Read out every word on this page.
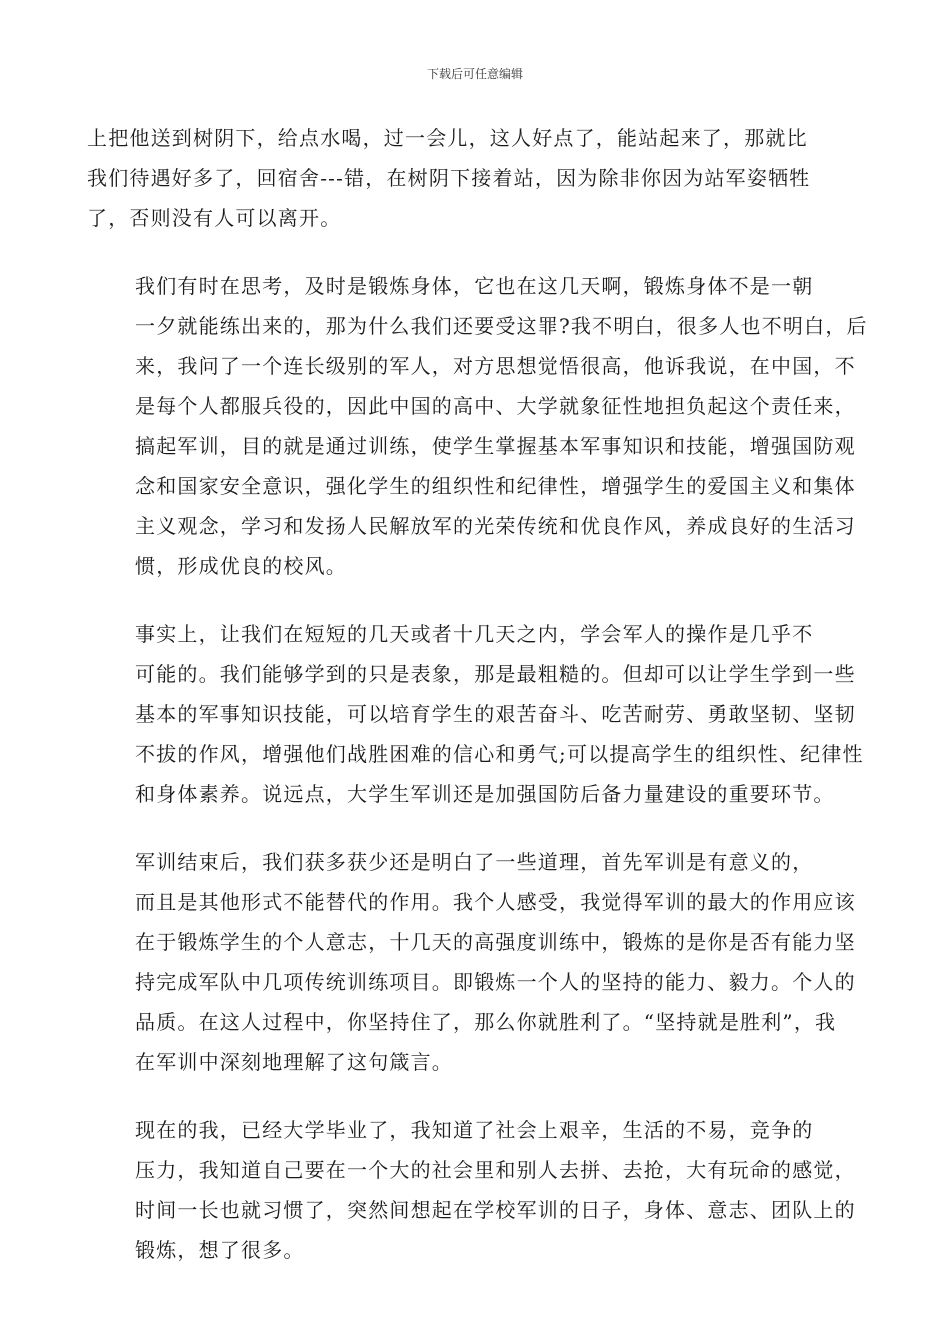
下载后可任意编辑

上把他送到树阴下，给点水喝，过一会儿，这人好点了，能站起来了，那就比
我们待遇好多了，回宿舍---错，在树阴下接着站，因为除非你因为站军姿牺牲
了，否则没有人可以离开。

我们有时在思考，及时是锻炼身体，它也在这几天啊，锻炼身体不是一朝
一夕就能练出来的，那为什么我们还要受这罪?我不明白，很多人也不明白，后
来，我问了一个连长级别的军人，对方思想觉悟很高，他诉我说，在中国，不
是每个人都服兵役的，因此中国的高中、大学就象征性地担负起这个责任来，
搞起军训，目的就是通过训练，使学生掌握基本军事知识和技能，增强国防观
念和国家安全意识，强化学生的组织性和纪律性，增强学生的爱国主义和集体
主义观念，学习和发扬人民解放军的光荣传统和优良作风，养成良好的生活习
惯，形成优良的校风。

事实上，让我们在短短的几天或者十几天之内，学会军人的操作是几乎不
可能的。我们能够学到的只是表象，那是最粗糙的。但却可以让学生学到一些
基本的军事知识技能，可以培育学生的艰苦奋斗、吃苦耐劳、勇敢坚韧、坚韧
不拔的作风，增强他们战胜困难的信心和勇气;可以提高学生的组织性、纪律性
和身体素养。说远点，大学生军训还是加强国防后备力量建设的重要环节。

军训结束后，我们获多获少还是明白了一些道理，首先军训是有意义的，
而且是其他形式不能替代的作用。我个人感受，我觉得军训的最大的作用应该
在于锻炼学生的个人意志，十几天的高强度训练中，锻炼的是你是否有能力坚
持完成军队中几项传统训练项目。即锻炼一个人的坚持的能力、毅力。个人的
品质。在这人过程中，你坚持住了，那么你就胜利了。“坚持就是胜利”，我
在军训中深刻地理解了这句箴言。

现在的我，已经大学毕业了，我知道了社会上艰辛，生活的不易，竞争的
压力，我知道自己要在一个大的社会里和别人去拼、去抢，大有玩命的感觉，
时间一长也就习惯了，突然间想起在学校军训的日子，身体、意志、团队上的
锻炼，想了很多。
